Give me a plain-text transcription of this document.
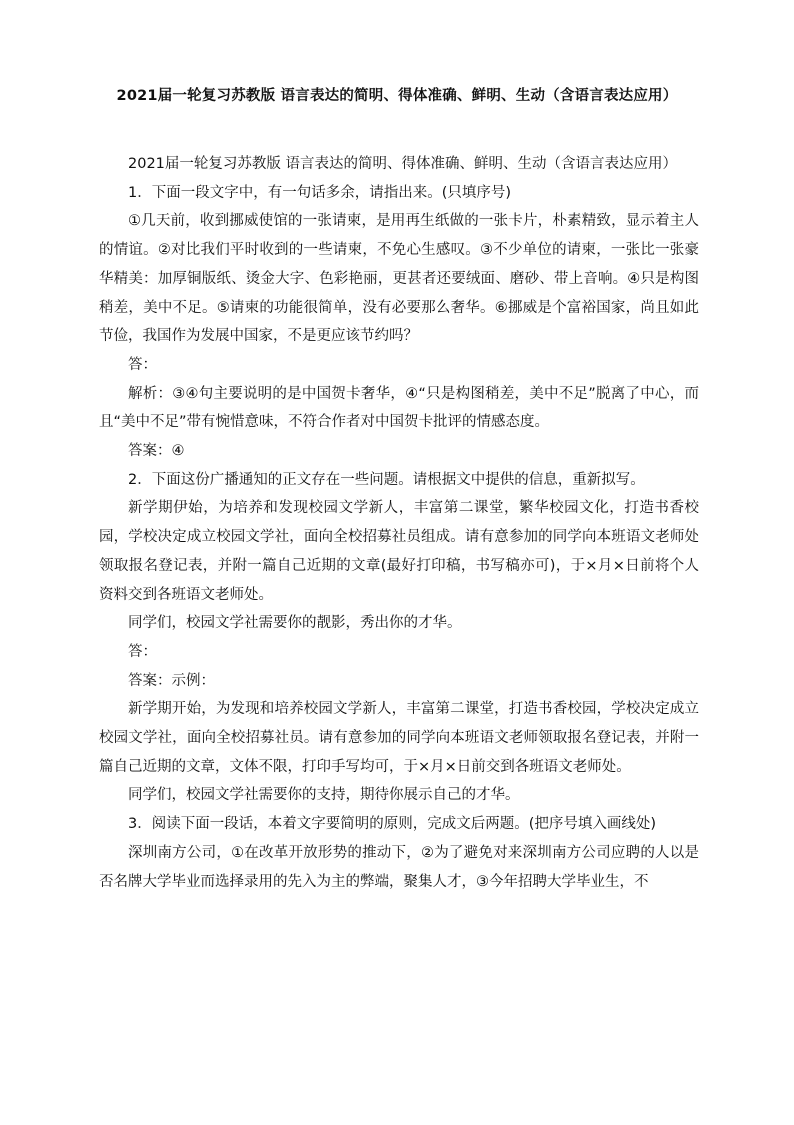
2021届一轮复习苏教版 语言表达的简明、得体准确、鲜明、生动（含语言表达应用）

2021届一轮复习苏教版 语言表达的简明、得体准确、鲜明、生动（含语言表达应用）

1．下面一段文字中，有一句话多余，请指出来。(只填序号)

①几天前，收到挪威使馆的一张请柬，是用再生纸做的一张卡片，朴素精致，显示着主人的情谊。②对比我们平时收到的一些请柬，不免心生感叹。③不少单位的请柬，一张比一张豪华精美：加厚铜版纸、烫金大字、色彩艳丽，更甚者还要绒面、磨砂、带上音响。④只是构图稍差，美中不足。⑤请柬的功能很简单，没有必要那么奢华。⑥挪威是个富裕国家，尚且如此节俭，我国作为发展中国家，不是更应该节约吗？

答：

解析：③④句主要说明的是中国贺卡奢华，④“只是构图稍差，美中不足”脱离了中心，而且“美中不足”带有惋惜意味，不符合作者对中国贺卡批评的情感态度。

答案：④

2．下面这份广播通知的正文存在一些问题。请根据文中提供的信息，重新拟写。

新学期伊始，为培养和发现校园文学新人，丰富第二课堂，繁华校园文化，打造书香校园，学校决定成立校园文学社，面向全校招募社员组成。请有意参加的同学向本班语文老师处领取报名登记表，并附一篇自己近期的文章(最好打印稿，书写稿亦可)，于×月×日前将个人资料交到各班语文老师处。

同学们，校园文学社需要你的靓影，秀出你的才华。

答：

答案：示例：

新学期开始，为发现和培养校园文学新人，丰富第二课堂，打造书香校园，学校决定成立校园文学社，面向全校招募社员。请有意参加的同学向本班语文老师领取报名登记表，并附一篇自己近期的文章，文体不限，打印手写均可，于×月×日前交到各班语文老师处。

同学们，校园文学社需要你的支持，期待你展示自己的才华。

3．阅读下面一段话，本着文字要简明的原则，完成文后两题。(把序号填入画线处)

深圳南方公司，①在改革开放形势的推动下，②为了避免对来深圳南方公司应聘的人以是否名牌大学毕业而选择录用的先入为主的弊端，聚集人才，③今年招聘大学毕业生，不
